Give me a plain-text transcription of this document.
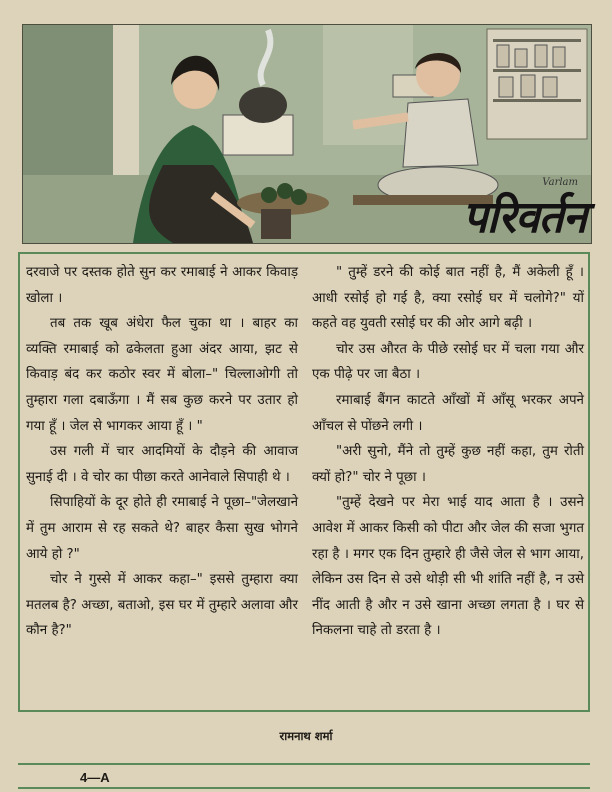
Varlam
परिवर्तन

दरवाजे पर दस्तक होते सुन कर रमाबाई ने आकर किवाड़ खोला ।

तब तक खूब अंधेरा फैल चुका था । बाहर का व्यक्ति रमाबाई को ढकेलता हुआ अंदर आया, झट से किवाड़ बंद कर कठोर स्वर में बोला–" चिल्लाओगी तो तुम्हारा गला दबाऊँगा । मैं सब कुछ करने पर उतार हो गया हूँ । जेल से भागकर आया हूँ । "

उस गली में चार आदमियों के दौड़ने की आवाज सुनाई दी । वे चोर का पीछा करते आनेवाले सिपाही थे ।

सिपाहियों के दूर होते ही रमाबाई ने पूछा–"जेलखाने में तुम आराम से रह सकते थे? बाहर कैसा सुख भोगने आये हो ?"

चोर ने गुस्से में आकर कहा–" इससे तुम्हारा क्या मतलब है? अच्छा, बताओ, इस घर में तुम्हारे अलावा और कौन है?"

" तुम्हें डरने की कोई बात नहीं है, मैं अकेली हूँ । आधी रसोई हो गई है, क्या रसोई घर में चलोगे?" यों कहते वह युवती रसोई घर की ओर आगे बढ़ी ।

चोर उस औरत के पीछे रसोई घर में चला गया और एक पीढ़े पर जा बैठा ।

रमाबाई बैंगन काटते आँखों में आँसू भरकर अपने आँचल से पोंछने लगी ।

"अरी सुनो, मैंने तो तुम्हें कुछ नहीं कहा, तुम रोती क्यों हो?" चोर ने पूछा ।

"तुम्हें देखने पर मेरा भाई याद आता है । उसने आवेश में आकर किसी को पीटा और जेल की सजा भुगत रहा है । मगर एक दिन तुम्हारे ही जैसे जेल से भाग आया, लेकिन उस दिन से उसे थोड़ी सी भी शांति नहीं है, न उसे नींद आती है और न उसे खाना अच्छा लगता है । घर से निकलना चाहे तो डरता है ।

रामनाथ शर्मा
4—A
